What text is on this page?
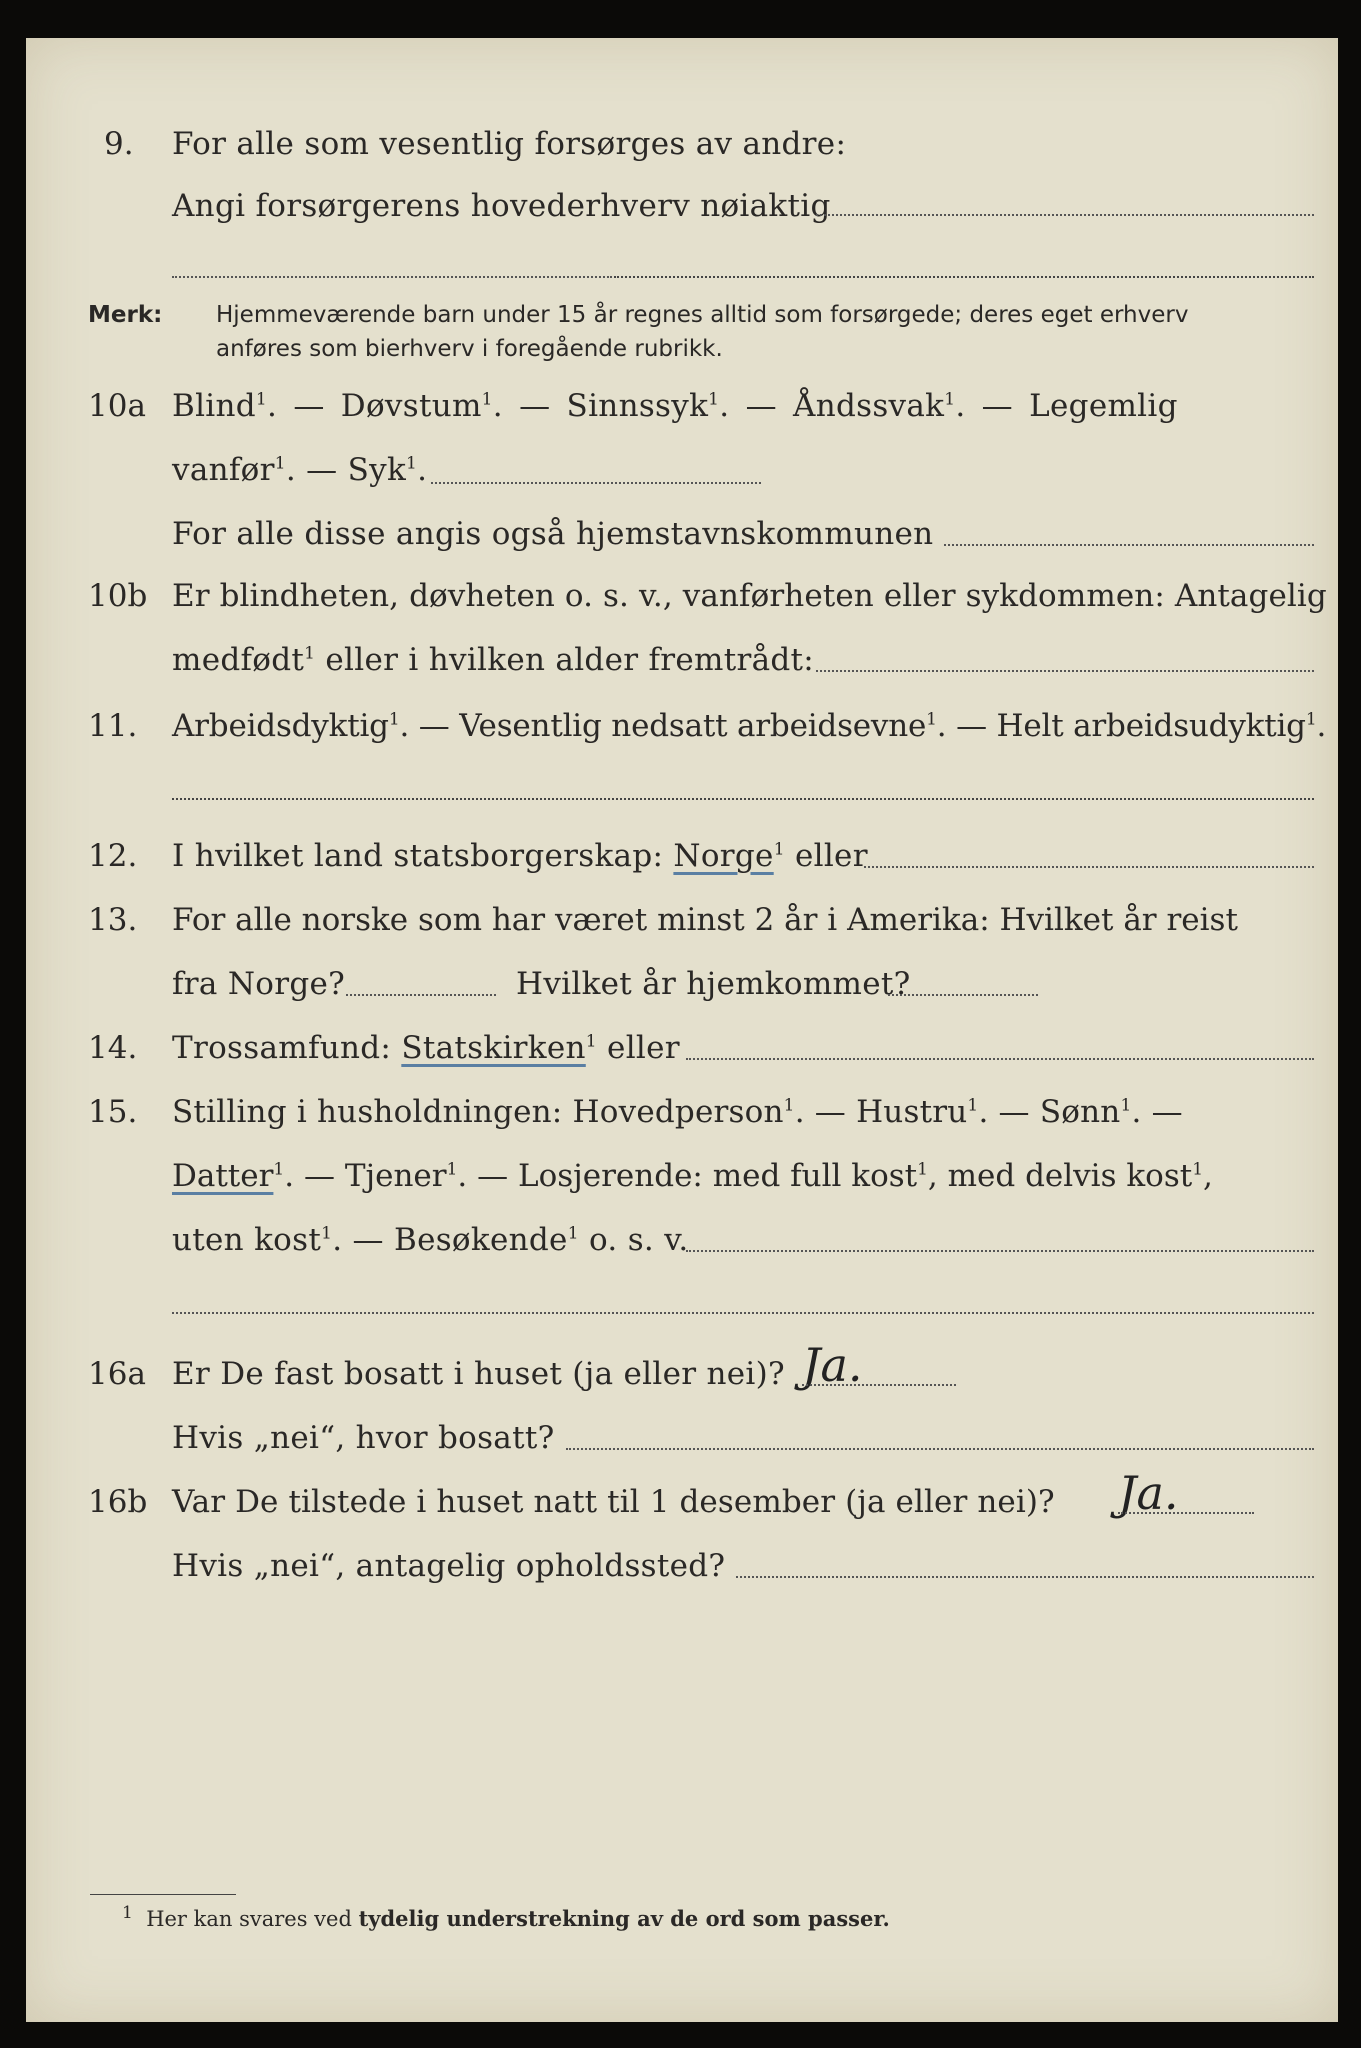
9. For alle som vesentlig forsørges av andre:
Angi forsørgerens hovederhverv nøiaktig
Merk: Hjemmeværende barn under 15 år regnes alltid som forsørgede; deres eget erhverv
anføres som bierhverv i foregående rubrikk.
10a Blind$^1$. — Døvstum$^1$. — Sinnssyk$^1$. — Åndssvak$^1$. — Legemlig
vanfør$^1$. — Syk$^1$.
For alle disse angis også hjemstavnskommunen
10b Er blindheten, døvheten o. s. v., vanførheten eller sykdommen: Antagelig
medfødt$^1$ eller i hvilken alder fremtrådt:
11. Arbeidsdyktig$^1$. — Vesentlig nedsatt arbeidsevne$^1$. — Helt arbeidsudyktig$^1$.
12. I hvilket land statsborgerskap: Norge$^1$ eller
13. For alle norske som har været minst 2 år i Amerika: Hvilket år reist
fra Norge?	Hvilket år hjemkommet?
14. Trossamfund: Statskirken$^1$ eller
15. Stilling i husholdningen: Hovedperson$^1$. — Hustru$^1$. — Sønn$^1$. —
Datter$^1$. — Tjener$^1$. — Losjerende: med full kost$^1$, med delvis kost$^1$,
uten kost$^1$. — Besøkende$^1$ o. s. v.
16a Er De fast bosatt i huset (ja eller nei)? Ja.
Hvis „nei“, hvor bosatt?
16b Var De tilstede i huset natt til 1 desember (ja eller nei)? Ja.
Hvis „nei“, antagelig opholdssted?
$^1$ Her kan svares ved tydelig understrekning av de ord som passer.
